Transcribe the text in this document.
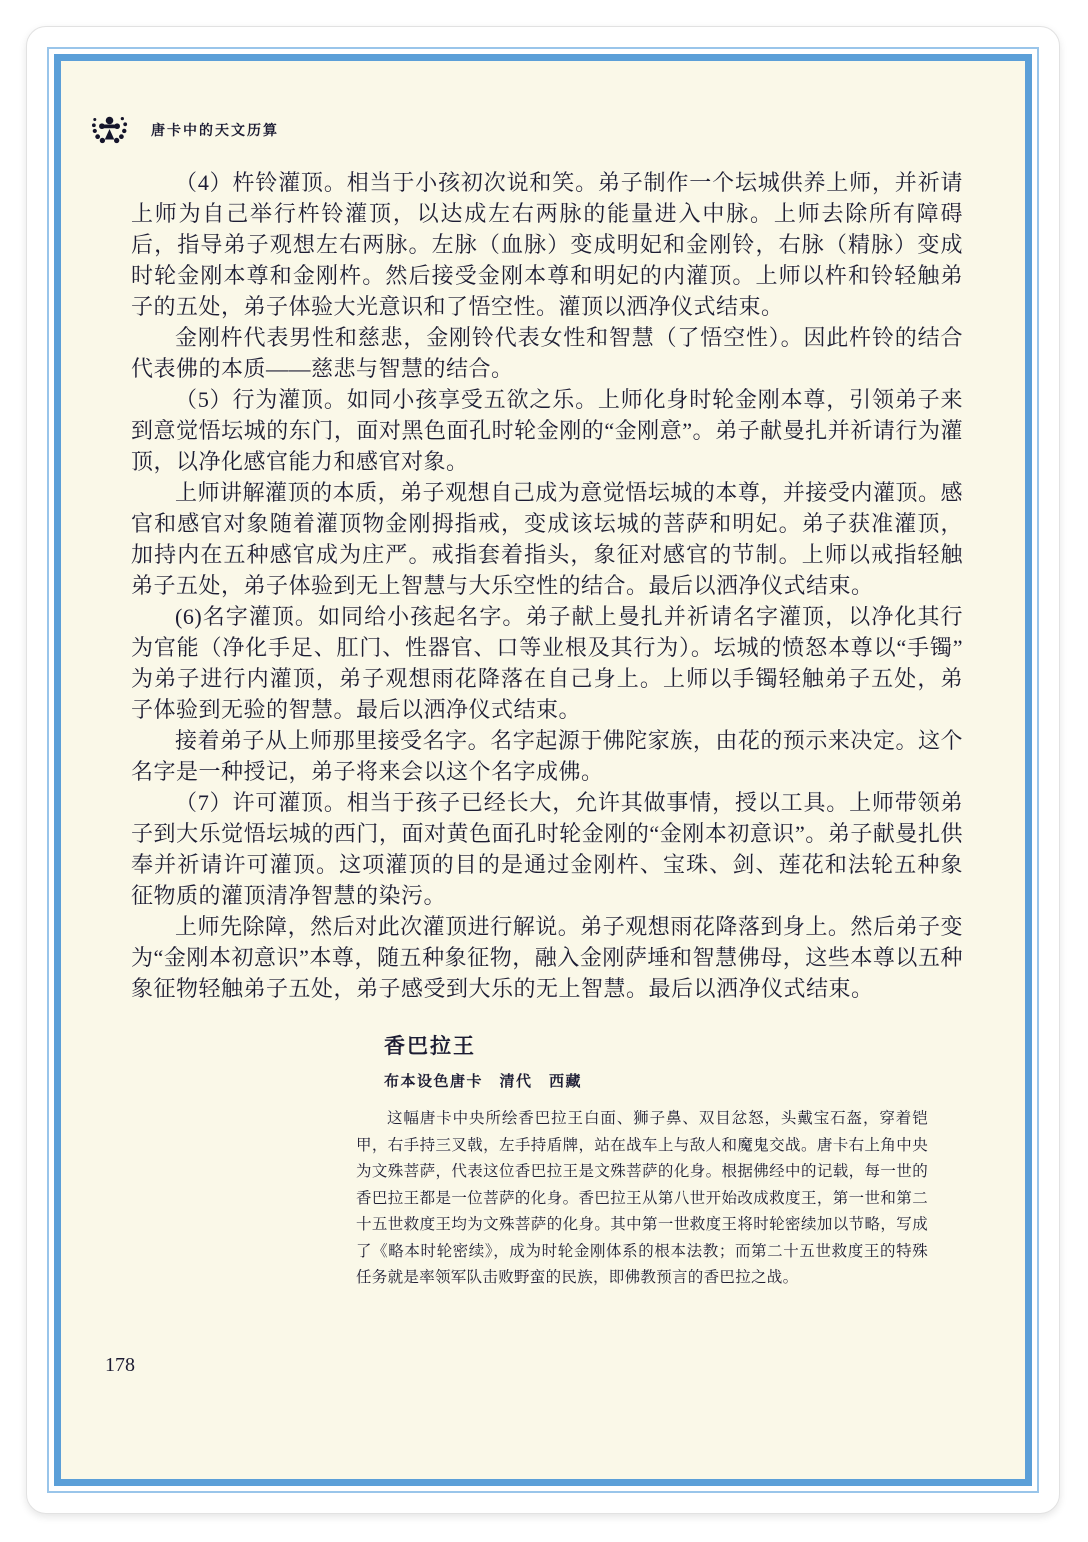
唐卡中的天文历算

（4）杵铃灌顶。相当于小孩初次说和笑。弟子制作一个坛城供养上师，并祈请上师为自己举行杵铃灌顶，以达成左右两脉的能量进入中脉。上师去除所有障碍后，指导弟子观想左右两脉。左脉（血脉）变成明妃和金刚铃，右脉（精脉）变成时轮金刚本尊和金刚杵。然后接受金刚本尊和明妃的内灌顶。上师以杵和铃轻触弟子的五处，弟子体验大光意识和了悟空性。灌顶以洒净仪式结束。

金刚杵代表男性和慈悲，金刚铃代表女性和智慧（了悟空性）。因此杵铃的结合代表佛的本质——慈悲与智慧的结合。

（5）行为灌顶。如同小孩享受五欲之乐。上师化身时轮金刚本尊，引领弟子来到意觉悟坛城的东门，面对黑色面孔时轮金刚的“金刚意”。弟子献曼扎并祈请行为灌顶，以净化感官能力和感官对象。

上师讲解灌顶的本质，弟子观想自己成为意觉悟坛城的本尊，并接受内灌顶。感官和感官对象随着灌顶物金刚拇指戒，变成该坛城的菩萨和明妃。弟子获准灌顶，加持内在五种感官成为庄严。戒指套着指头，象征对感官的节制。上师以戒指轻触弟子五处，弟子体验到无上智慧与大乐空性的结合。最后以洒净仪式结束。

(6)名字灌顶。如同给小孩起名字。弟子献上曼扎并祈请名字灌顶，以净化其行为官能（净化手足、肛门、性器官、口等业根及其行为）。坛城的愤怒本尊以“手镯”为弟子进行内灌顶，弟子观想雨花降落在自己身上。上师以手镯轻触弟子五处，弟子体验到无验的智慧。最后以洒净仪式结束。

接着弟子从上师那里接受名字。名字起源于佛陀家族，由花的预示来决定。这个名字是一种授记，弟子将来会以这个名字成佛。

（7）许可灌顶。相当于孩子已经长大，允许其做事情，授以工具。上师带领弟子到大乐觉悟坛城的西门，面对黄色面孔时轮金刚的“金刚本初意识”。弟子献曼扎供奉并祈请许可灌顶。这项灌顶的目的是通过金刚杵、宝珠、剑、莲花和法轮五种象征物质的灌顶清净智慧的染污。

上师先除障，然后对此次灌顶进行解说。弟子观想雨花降落到身上。然后弟子变为“金刚本初意识”本尊，随五种象征物，融入金刚萨埵和智慧佛母，这些本尊以五种象征物轻触弟子五处，弟子感受到大乐的无上智慧。最后以洒净仪式结束。

香巴拉王
布本设色唐卡　清代　西藏

这幅唐卡中央所绘香巴拉王白面、狮子鼻、双目忿怒，头戴宝石盔，穿着铠甲，右手持三叉戟，左手持盾牌，站在战车上与敌人和魔鬼交战。唐卡右上角中央为文殊菩萨，代表这位香巴拉王是文殊菩萨的化身。根据佛经中的记载，每一世的香巴拉王都是一位菩萨的化身。香巴拉王从第八世开始改成救度王，第一世和第二十五世救度王均为文殊菩萨的化身。其中第一世救度王将时轮密续加以节略，写成了《略本时轮密续》，成为时轮金刚体系的根本法教；而第二十五世救度王的特殊任务就是率领军队击败野蛮的民族，即佛教预言的香巴拉之战。

178
